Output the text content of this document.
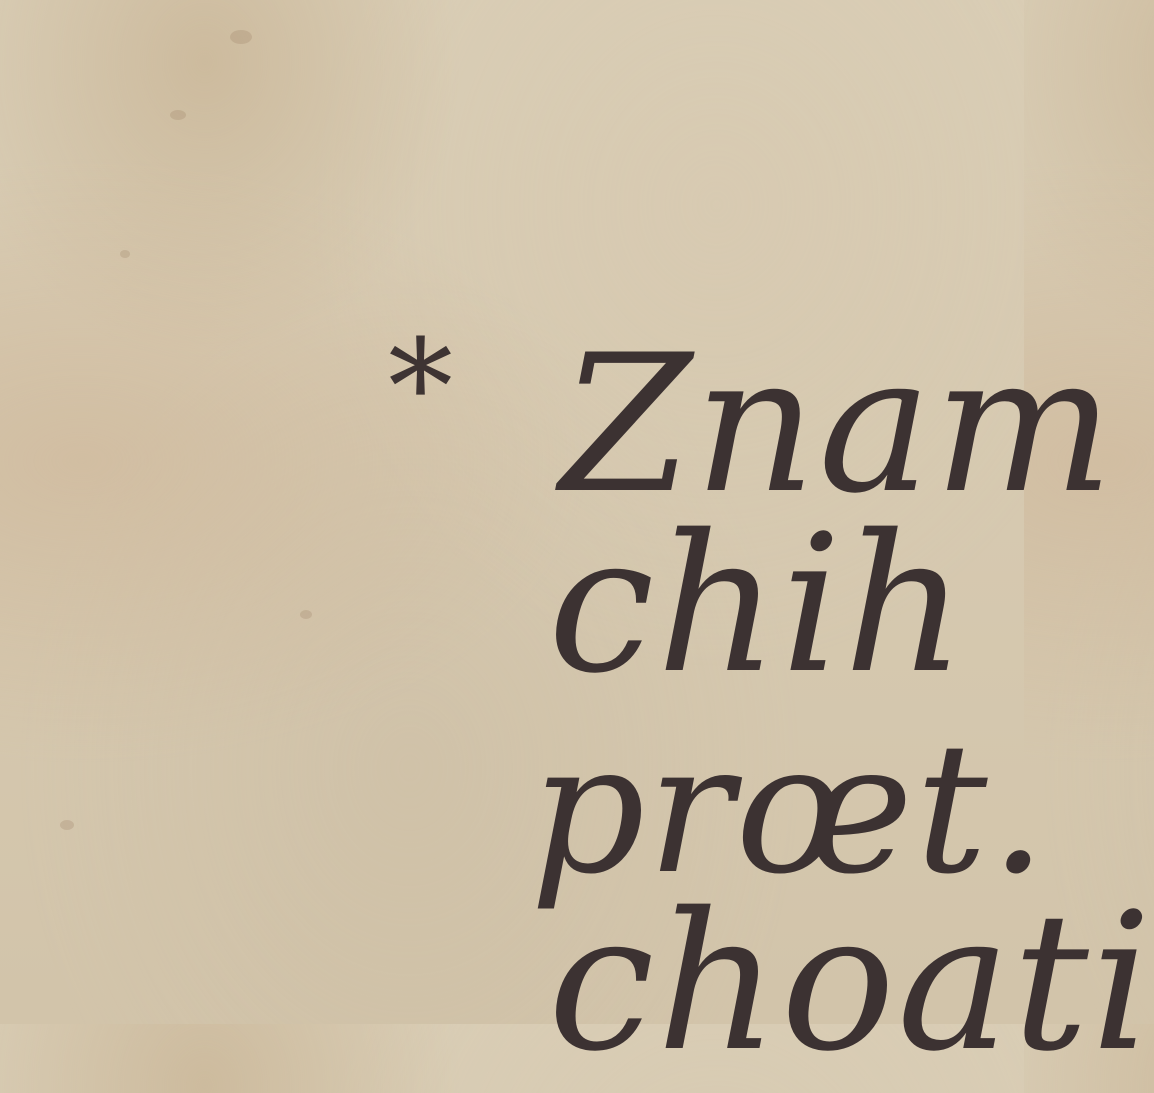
* Znam
chih
prœt.
choati
